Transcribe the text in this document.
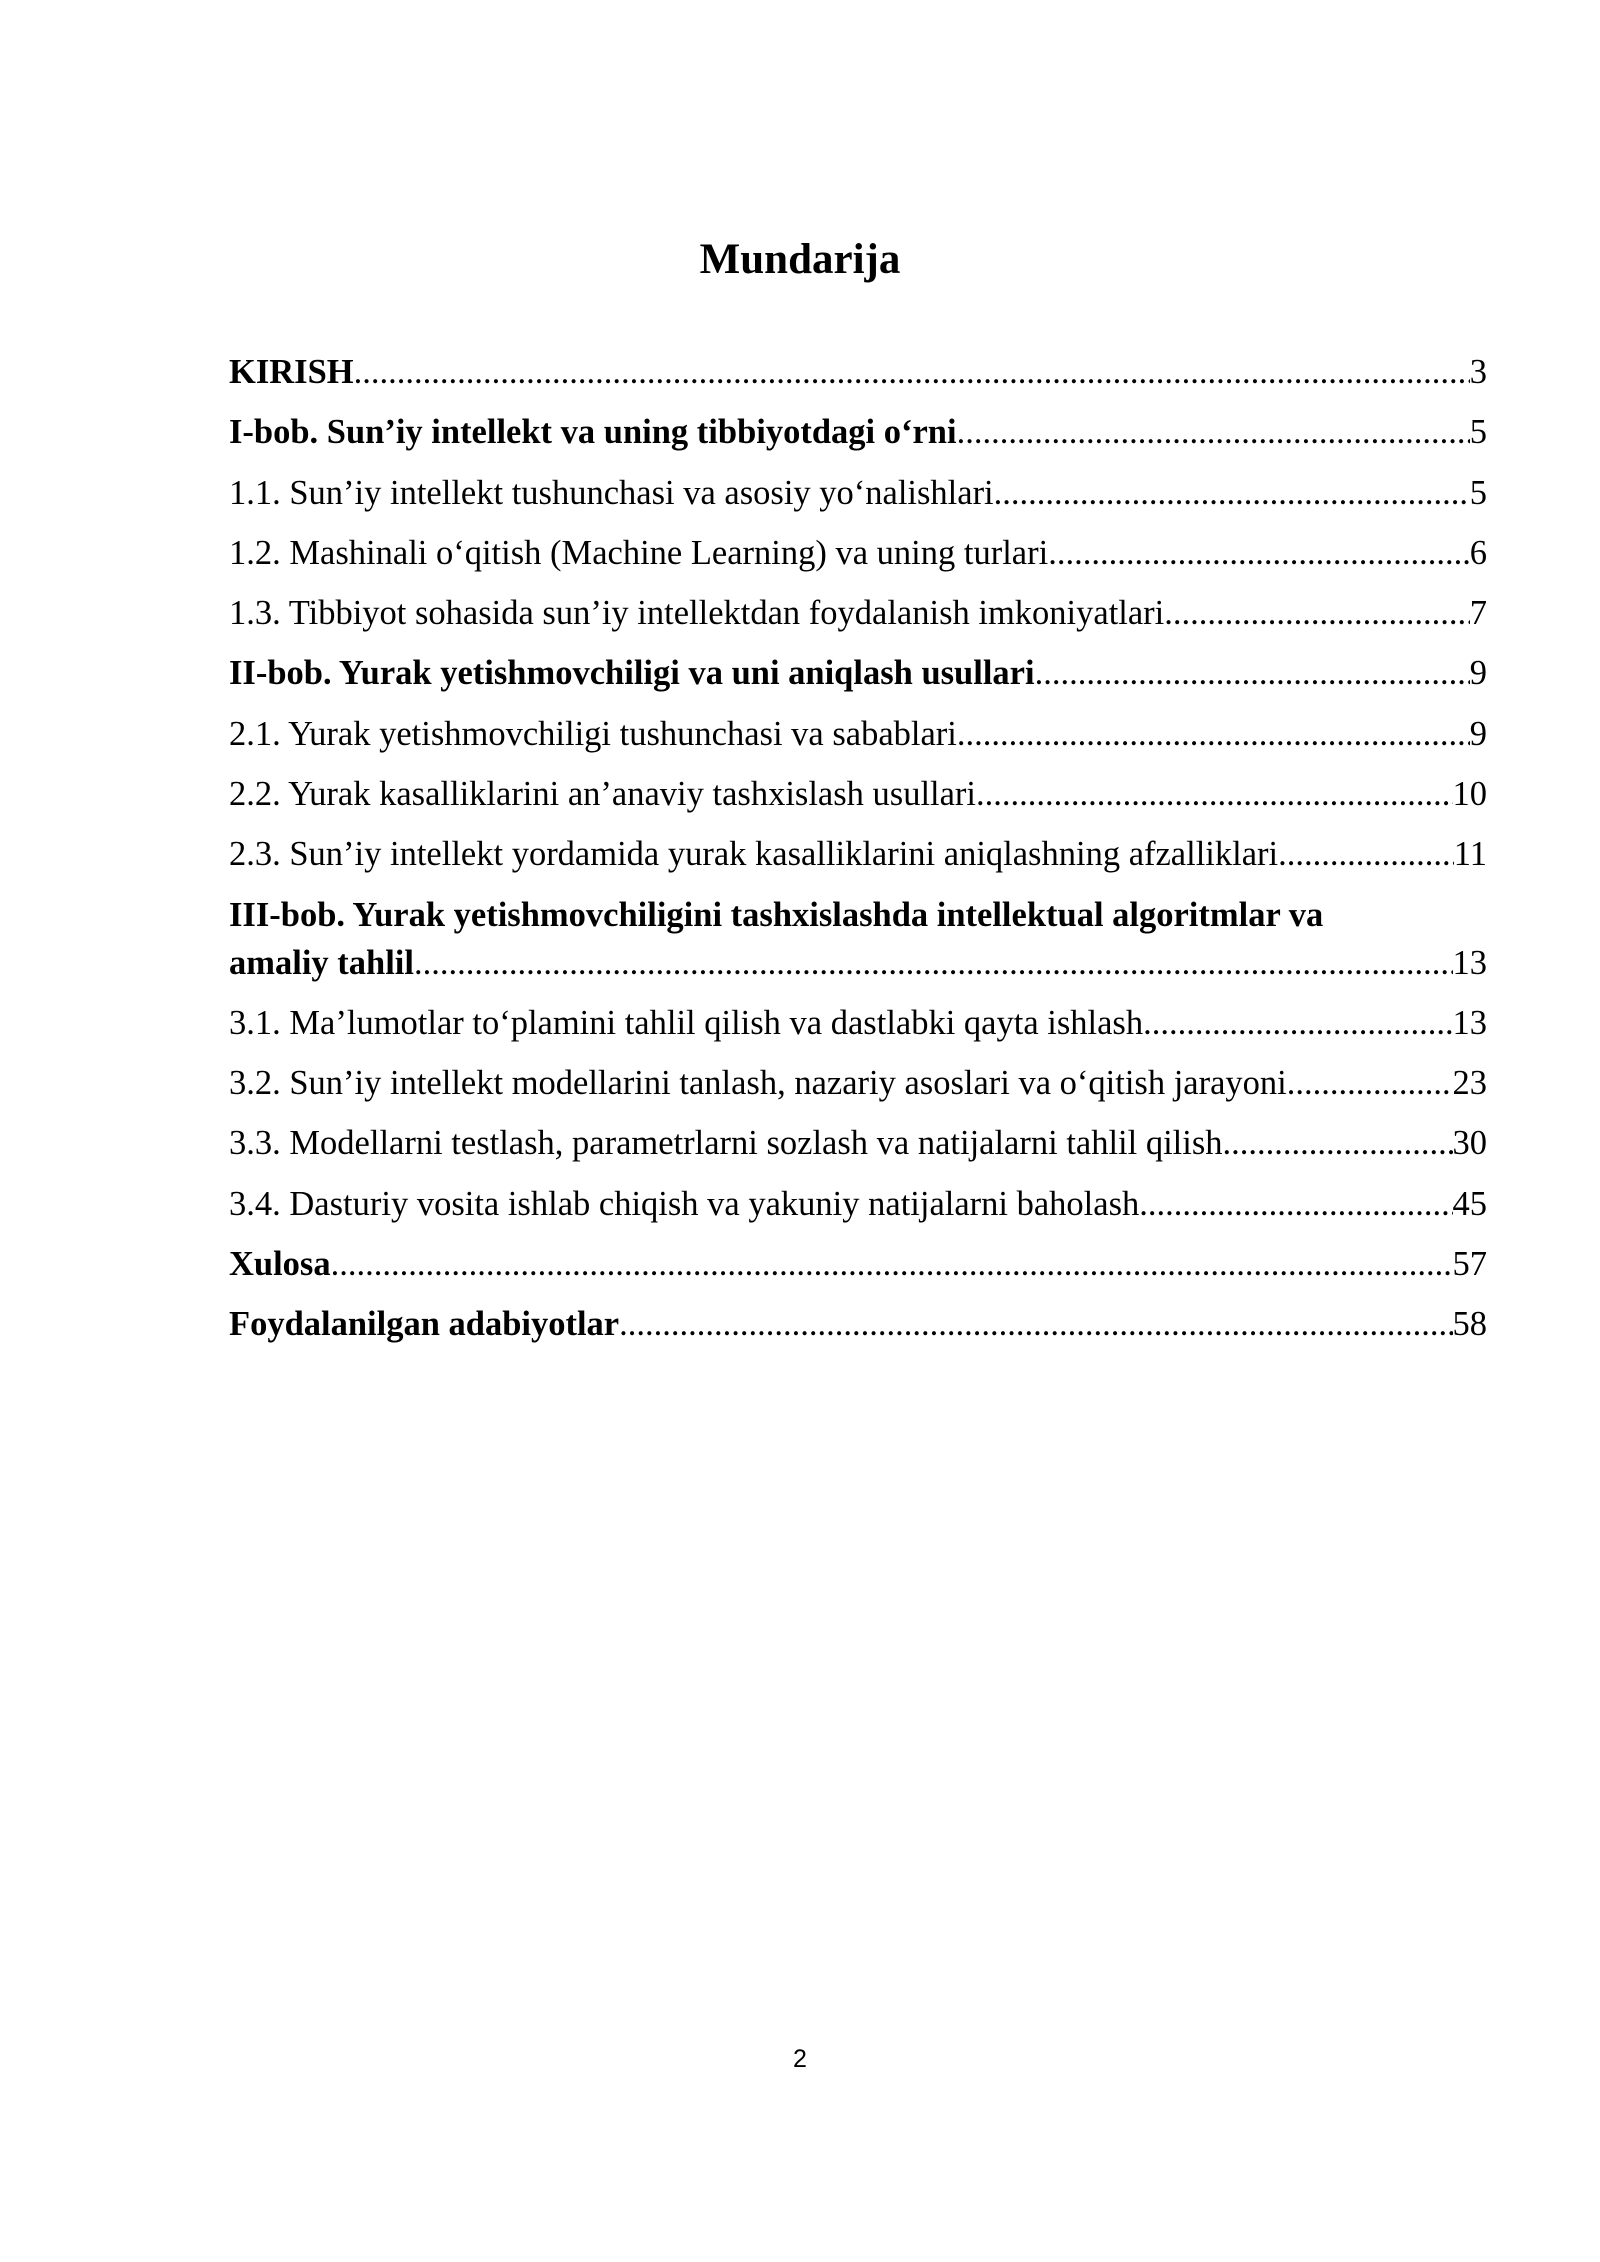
Mundarija
KIRISH .....	3
I-bob. Sun’iy intellekt va uning tibbiyotdagi o‘rni .....	5
1.1. Sun’iy intellekt tushunchasi va asosiy yo‘nalishlari .....	5
1.2. Mashinali o‘qitish (Machine Learning) va uning turlari .....	6
1.3. Tibbiyot sohasida sun’iy intellektdan foydalanish imkoniyatlari .....	7
II-bob. Yurak yetishmovchiligi va uni aniqlash usullari .....	9
2.1. Yurak yetishmovchiligi tushunchasi va sabablari .....	9
2.2. Yurak kasalliklarini an’anaviy tashxislash usullari .....	10
2.3. Sun’iy intellekt yordamida yurak kasalliklarini aniqlashning afzalliklari .....	11
III-bob. Yurak yetishmovchiligini tashxislashda intellektual algoritmlar va
amaliy tahlil .....	13
3.1. Ma’lumotlar to‘plamini tahlil qilish va dastlabki qayta ishlash .....	13
3.2. Sun’iy intellekt modellarini tanlash, nazariy asoslari va o‘qitish jarayoni .....	23
3.3. Modellarni testlash, parametrlarni sozlash va natijalarni tahlil qilish .....	30
3.4. Dasturiy vosita ishlab chiqish va yakuniy natijalarni baholash .....	45
Xulosa .....	57
Foydalanilgan adabiyotlar .....	58
2
